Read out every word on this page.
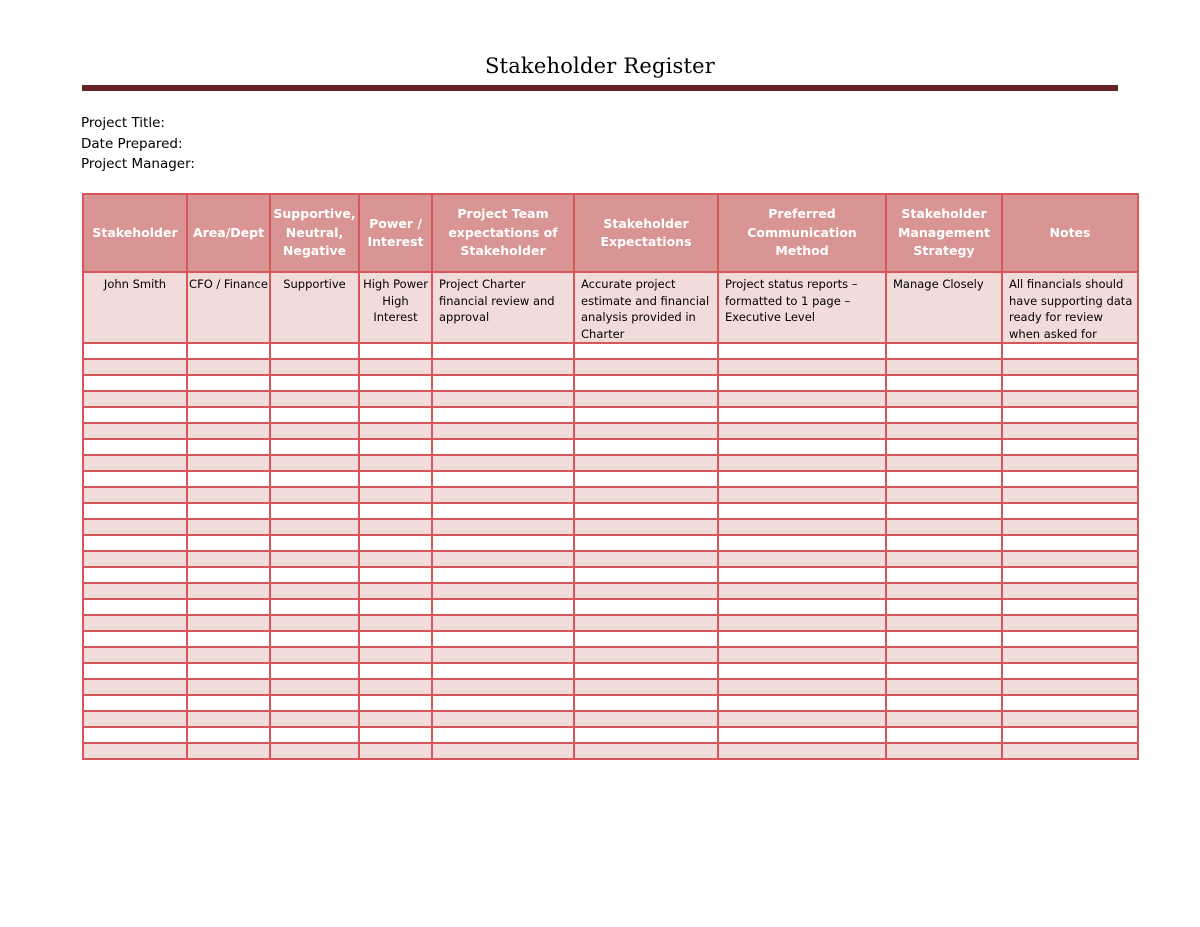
Stakeholder Register
Project Title:
Date Prepared:
Project Manager:
Stakeholder	Area/Dept	Supportive, Neutral, Negative	Power / Interest	Project Team expectations of Stakeholder	Stakeholder Expectations	Preferred Communication Method	Stakeholder Management Strategy	Notes
John Smith	CFO / Finance	Supportive	High Power High Interest	Project Charter financial review and approval	Accurate project estimate and financial analysis provided in Charter	Project status reports – formatted to 1 page – Executive Level	Manage Closely	All financials should have supporting data ready for review when asked for
